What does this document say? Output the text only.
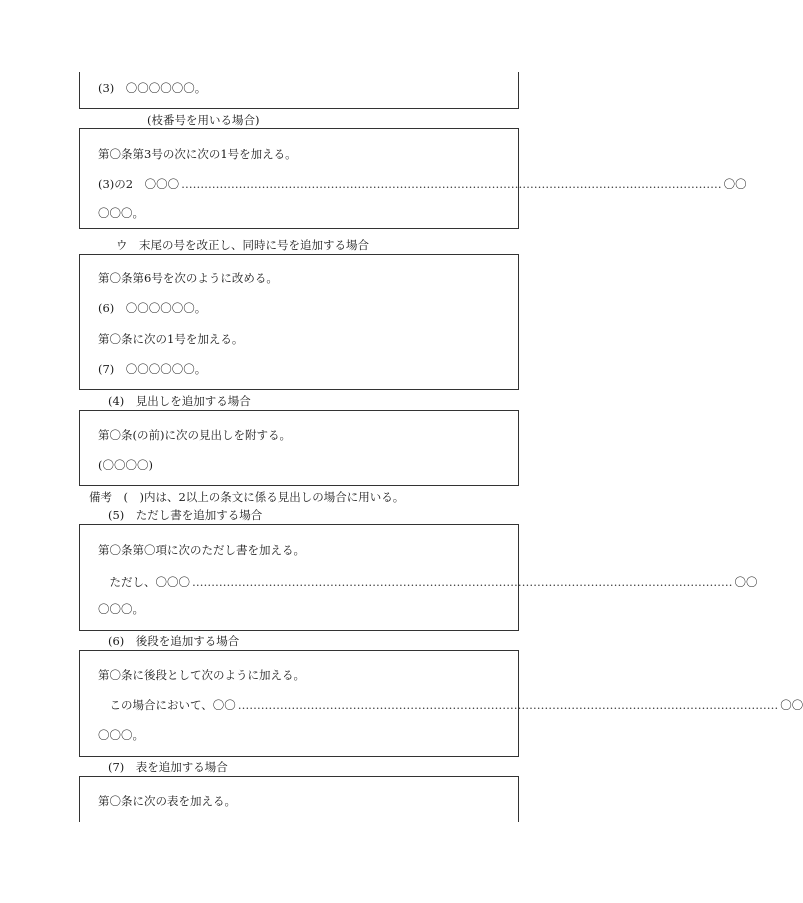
(3)　〇〇〇〇〇〇。
(枝番号を用いる場合)
第〇条第3号の次に次の1号を加える。
(3)の2　〇〇〇 …………………………………………………………………………………………………………………………… 〇〇
〇〇〇。
ウ　末尾の号を改正し、同時に号を追加する場合
第〇条第6号を次のように改める。
(6)　〇〇〇〇〇〇。
第〇条に次の1号を加える。
(7)　〇〇〇〇〇〇。
(4)　見出しを追加する場合
第〇条(の前)に次の見出しを附する。
(〇〇〇〇)
備考　(　)内は、2以上の条文に係る見出しの場合に用いる。
(5)　ただし書を追加する場合
第〇条第〇項に次のただし書を加える。
　ただし、〇〇〇 …………………………………………………………………………………………………………………………… 〇〇
〇〇〇。
(6)　後段を追加する場合
第〇条に後段として次のように加える。
　この場合において、〇〇 …………………………………………………………………………………………………………………………… 〇〇
〇〇〇。
(7)　表を追加する場合
第〇条に次の表を加える。
